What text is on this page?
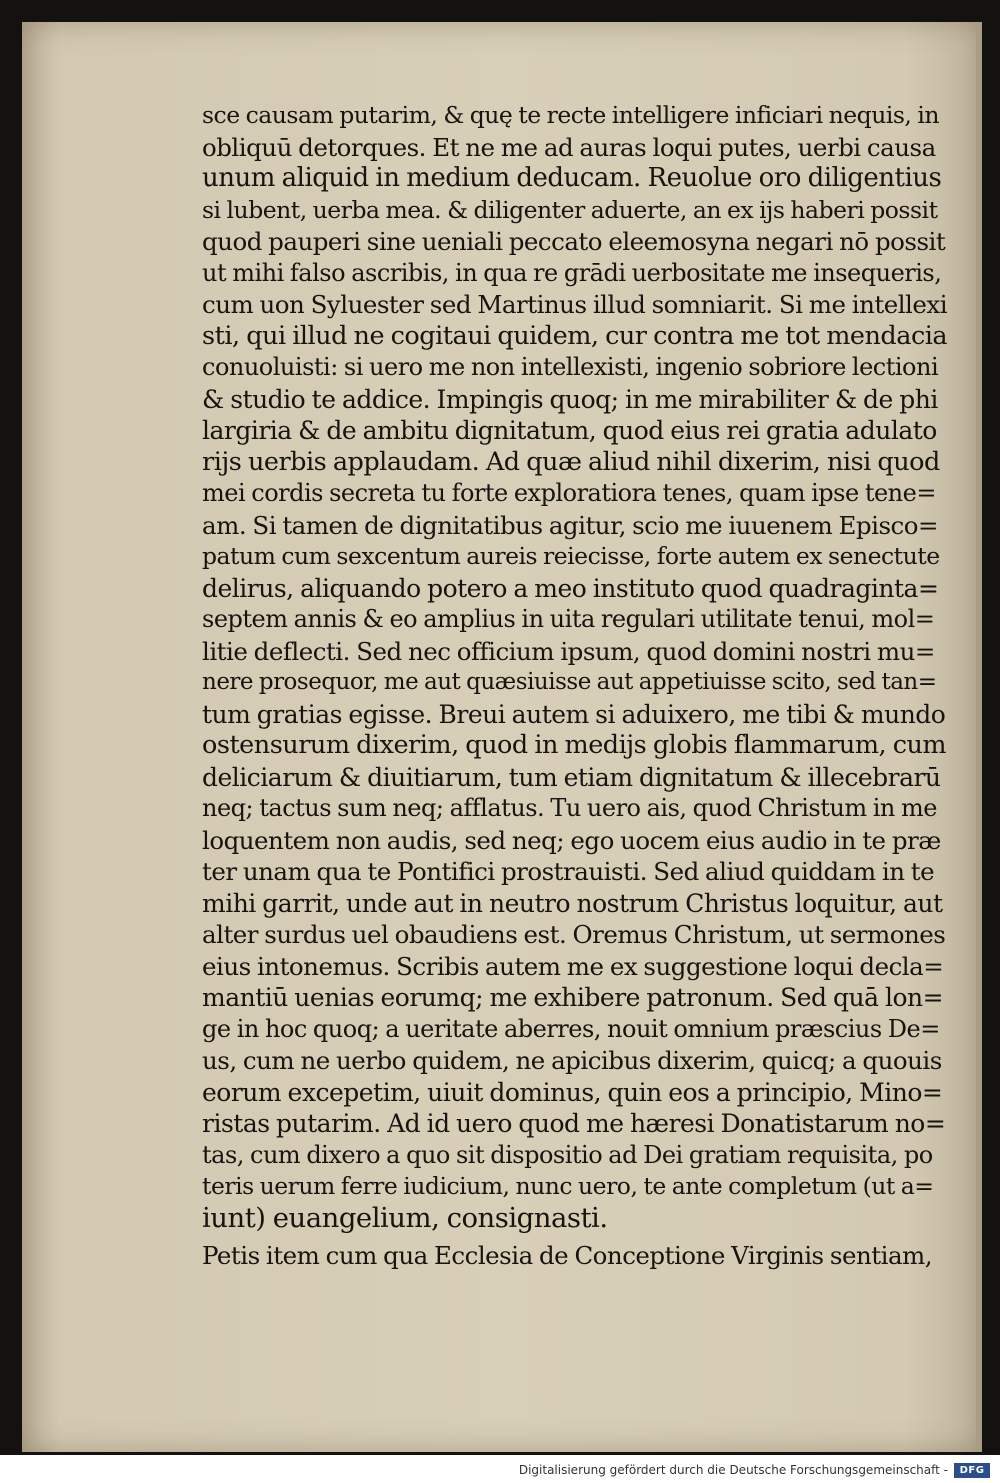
sce causam putarim, & quę te recte intelligere inficiari nequis, in
obliquū detorques. Et ne me ad auras loqui putes, uerbi causa
unum aliquid in medium deducam. Reuolue oro diligentius
si lubent, uerba mea. & diligenter aduerte, an ex ijs haberi possit
quod pauperi sine ueniali peccato eleemosyna negari nō possit
ut mihi falso ascribis, in qua re grādi uerbositate me insequeris,
cum uon Syluester sed Martinus illud somniarit. Si me intellexi
sti, qui illud ne cogitaui quidem, cur contra me tot mendacia
conuoluisti: si uero me non intellexisti, ingenio sobriore lectioni
& studio te addice. Impingis quoq; in me mirabiliter & de phi
largiria & de ambitu dignitatum, quod eius rei gratia adulato
rijs uerbis applaudam. Ad quæ aliud nihil dixerim, nisi quod
mei cordis secreta tu forte exploratiora tenes, quam ipse tene=
am. Si tamen de dignitatibus agitur, scio me iuuenem Episco=
patum cum sexcentum aureis reiecisse, forte autem ex senectute
delirus, aliquando potero a meo instituto quod quadraginta=
septem annis & eo amplius in uita regulari utilitate tenui, mol=
litie deflecti. Sed nec officium ipsum, quod domini nostri mu=
nere prosequor, me aut quæsiuisse aut appetiuisse scito, sed tan=
tum gratias egisse. Breui autem si aduixero, me tibi & mundo
ostensurum dixerim, quod in medijs globis flammarum, cum
deliciarum & diuitiarum, tum etiam dignitatum & illecebrarū
neq; tactus sum neq; afflatus. Tu uero ais, quod Christum in me
loquentem non audis, sed neq; ego uocem eius audio in te præ
ter unam qua te Pontifici prostrauisti. Sed aliud quiddam in te
mihi garrit, unde aut in neutro nostrum Christus loquitur, aut
alter surdus uel obaudiens est. Oremus Christum, ut sermones
eius intonemus. Scribis autem me ex suggestione loqui decla=
mantiū uenias eorumq; me exhibere patronum. Sed quā lon=
ge in hoc quoq; a ueritate aberres, nouit omnium præscius De=
us, cum ne uerbo quidem, ne apicibus dixerim, quicq; a quouis
eorum excepetim, uiuit dominus, quin eos a principio, Mino=
ristas putarim. Ad id uero quod me hæresi Donatistarum no=
tas, cum dixero a quo sit dispositio ad Dei gratiam requisita, po
teris uerum ferre iudicium, nunc uero, te ante completum (ut a=
iunt) euangelium, consignasti.
Petis item cum qua Ecclesia de Conceptione Virginis sentiam,
Digitalisierung gefördert durch die Deutsche Forschungsgemeinschaft -	DFG
